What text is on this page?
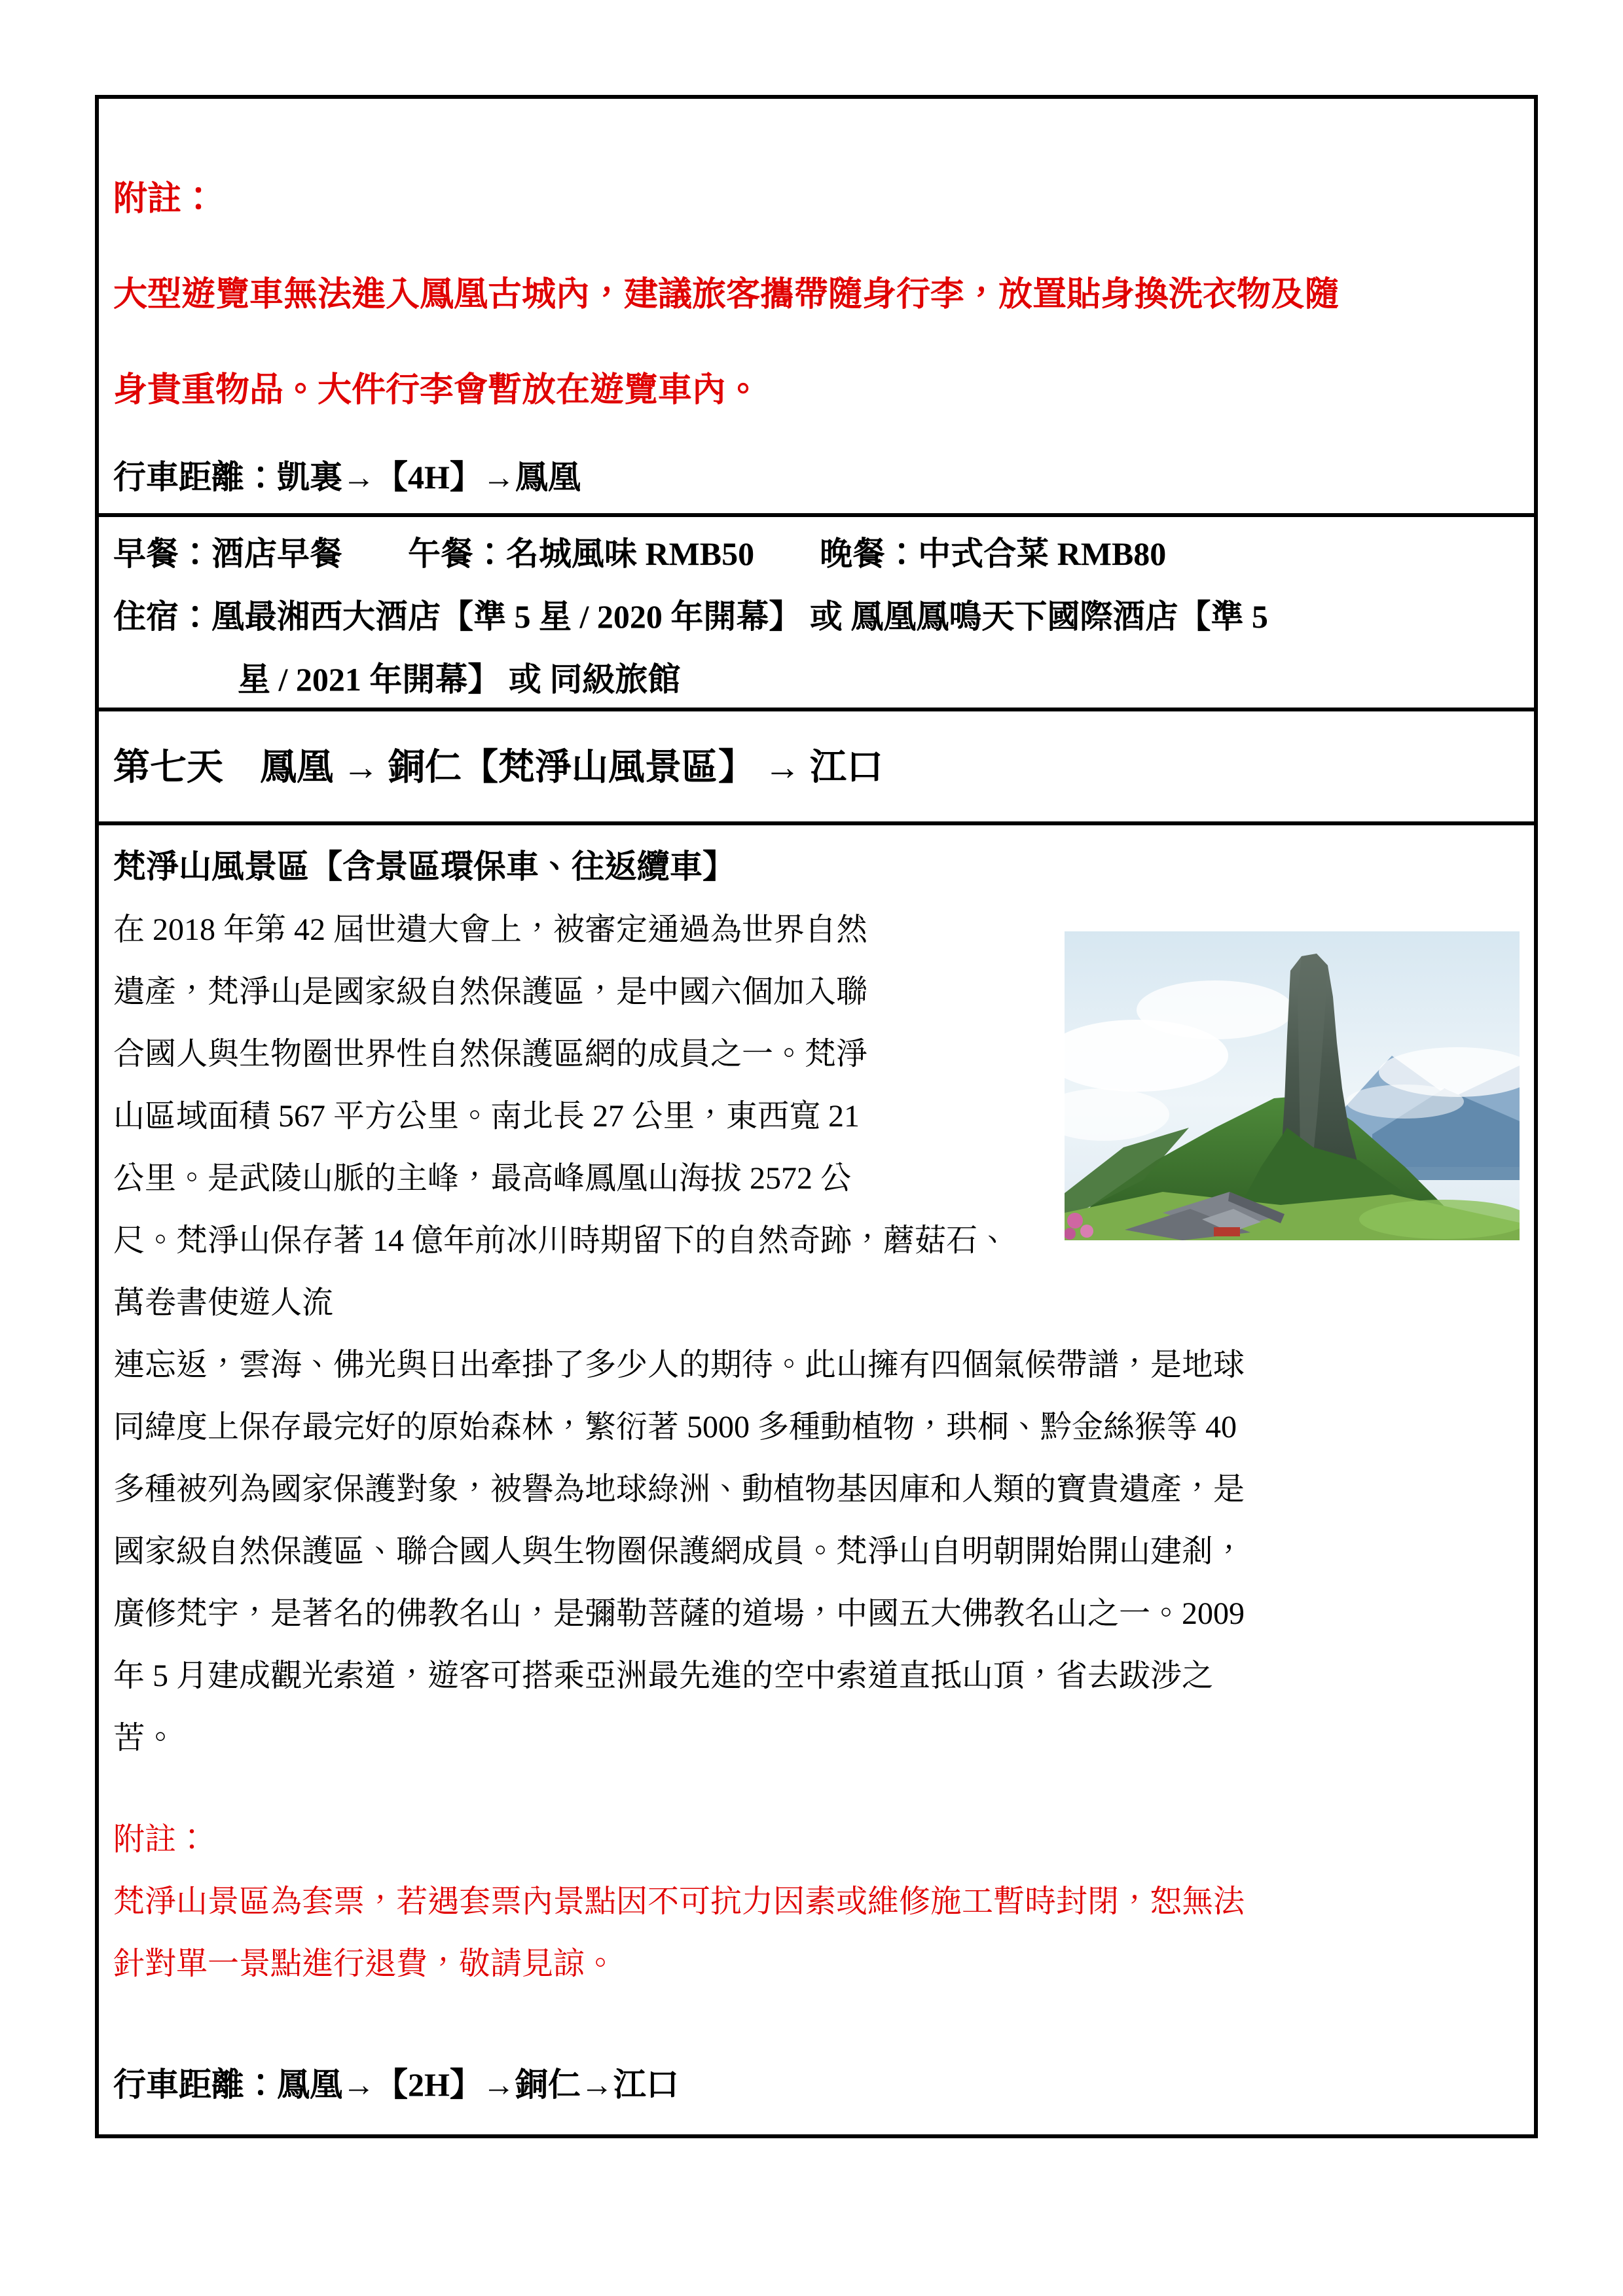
附註：
大型遊覽車無法進入鳳凰古城內，建議旅客攜帶隨身行李，放置貼身換洗衣物及隨
身貴重物品。大件行李會暫放在遊覽車內。
行車距離：凱裏→【4H】→鳳凰
早餐：酒店早餐　　午餐：名城風味 RMB50　　晚餐：中式合菜 RMB80
住宿：凰最湘西大酒店【準 5 星 / 2020 年開幕】 或 鳳凰鳳鳴天下國際酒店【準 5
星 / 2021 年開幕】 或 同級旅館
第七天　鳳凰 → 銅仁【梵淨山風景區】 → 江口
梵淨山風景區【含景區環保車、往返纜車】
在 2018 年第 42 屆世遺大會上，被審定通過為世界自然
遺產，梵淨山是國家級自然保護區，是中國六個加入聯
合國人與生物圈世界性自然保護區網的成員之一。梵淨
山區域面積 567 平方公里。南北長 27 公里，東西寬 21
公里。是武陵山脈的主峰，最高峰鳳凰山海拔 2572 公
尺。梵淨山保存著 14 億年前冰川時期留下的自然奇跡，蘑菇石、萬卷書使遊人流
連忘返，雲海、佛光與日出牽掛了多少人的期待。此山擁有四個氣候帶譜，是地球
同緯度上保存最完好的原始森林，繁衍著 5000 多種動植物，珙桐、黔金絲猴等 40
多種被列為國家保護對象，被譽為地球綠洲、動植物基因庫和人類的寶貴遺產，是
國家級自然保護區、聯合國人與生物圈保護網成員。梵淨山自明朝開始開山建剎，
廣修梵宇，是著名的佛教名山，是彌勒菩薩的道場，中國五大佛教名山之一。2009
年 5 月建成觀光索道，遊客可搭乘亞洲最先進的空中索道直抵山頂，省去跋涉之
苦。
附註：
梵淨山景區為套票，若遇套票內景點因不可抗力因素或維修施工暫時封閉，恕無法
針對單一景點進行退費，敬請見諒。
行車距離：鳳凰→【2H】→銅仁→江口
